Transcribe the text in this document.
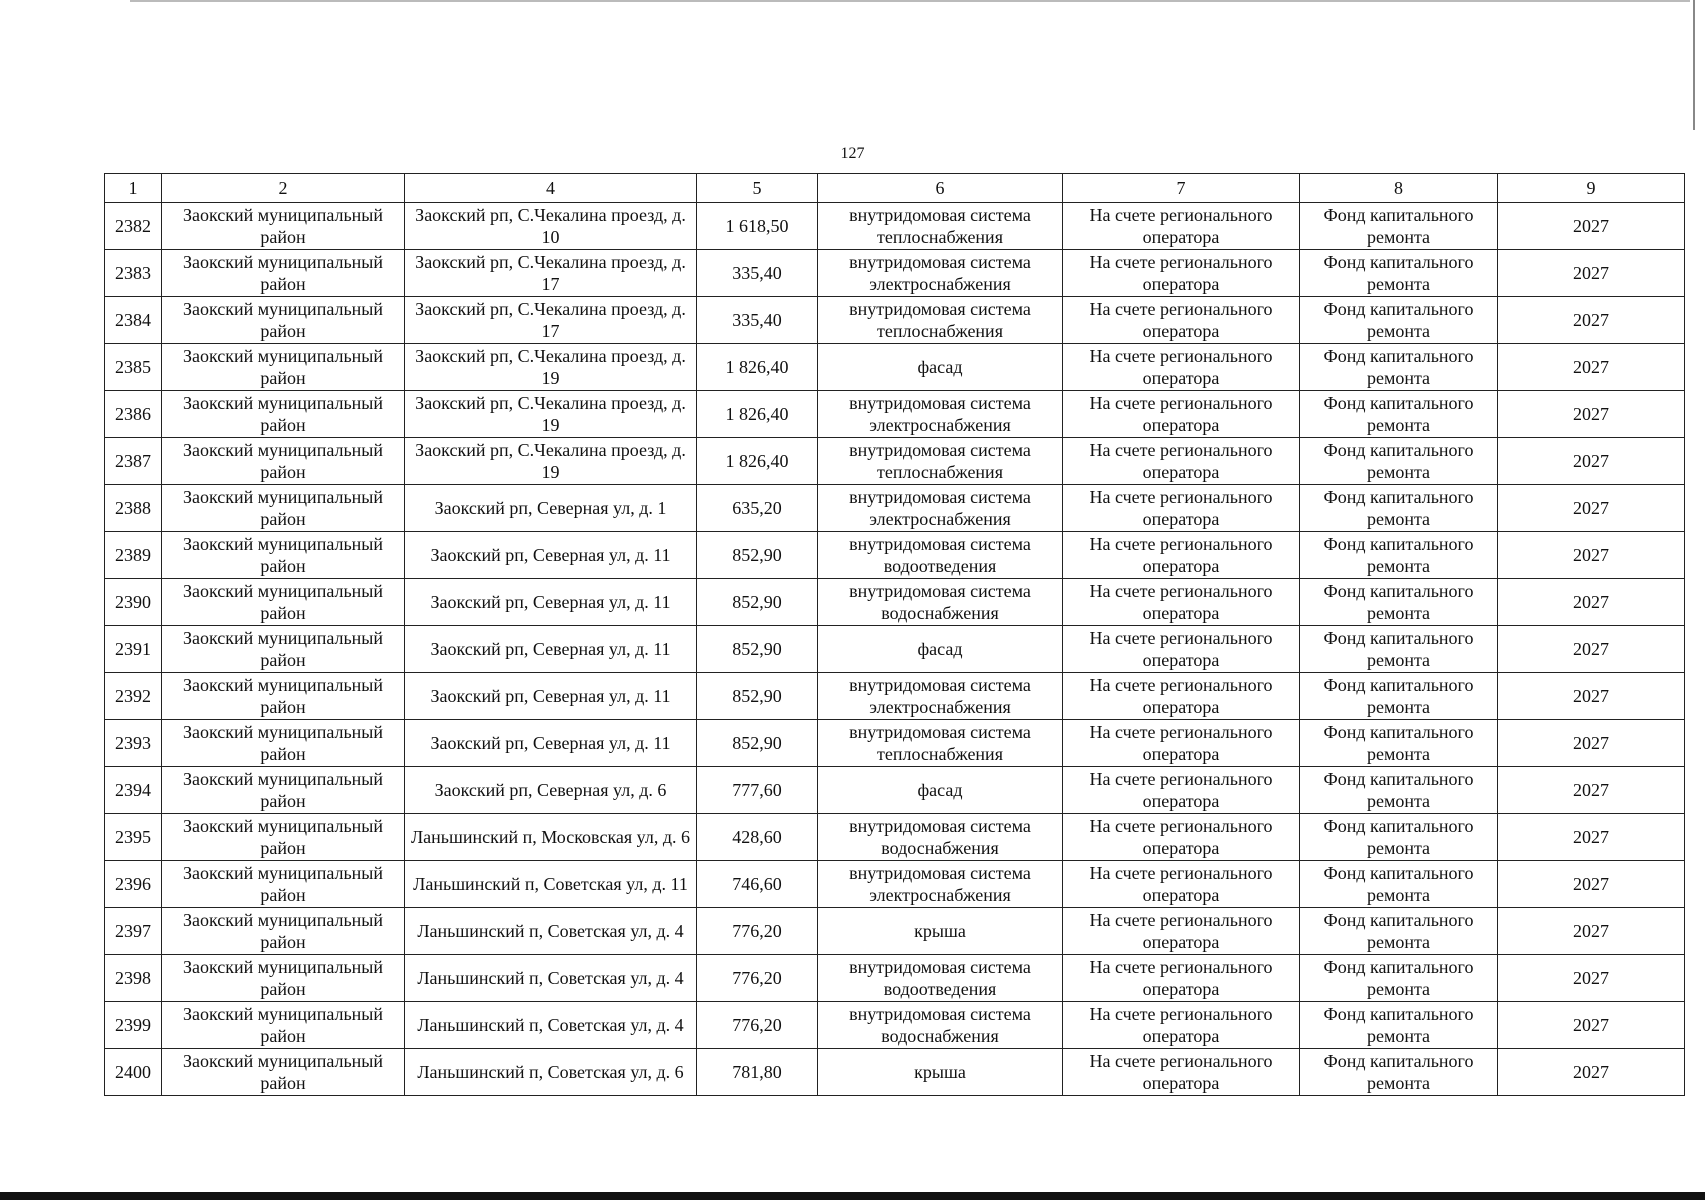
127
1	2	4	5	6	7	8	9
2382	Заокский муниципальный район	Заокский рп, С.Чекалина проезд, д. 10	1 618,50	внутридомовая система теплоснабжения	На счете регионального оператора	Фонд капитального ремонта	2027
2383	Заокский муниципальный район	Заокский рп, С.Чекалина проезд, д. 17	335,40	внутридомовая система электроснабжения	На счете регионального оператора	Фонд капитального ремонта	2027
2384	Заокский муниципальный район	Заокский рп, С.Чекалина проезд, д. 17	335,40	внутридомовая система теплоснабжения	На счете регионального оператора	Фонд капитального ремонта	2027
2385	Заокский муниципальный район	Заокский рп, С.Чекалина проезд, д. 19	1 826,40	фасад	На счете регионального оператора	Фонд капитального ремонта	2027
2386	Заокский муниципальный район	Заокский рп, С.Чекалина проезд, д. 19	1 826,40	внутридомовая система электроснабжения	На счете регионального оператора	Фонд капитального ремонта	2027
2387	Заокский муниципальный район	Заокский рп, С.Чекалина проезд, д. 19	1 826,40	внутридомовая система теплоснабжения	На счете регионального оператора	Фонд капитального ремонта	2027
2388	Заокский муниципальный район	Заокский рп, Северная ул, д. 1	635,20	внутридомовая система электроснабжения	На счете регионального оператора	Фонд капитального ремонта	2027
2389	Заокский муниципальный район	Заокский рп, Северная ул, д. 11	852,90	внутридомовая система водоотведения	На счете регионального оператора	Фонд капитального ремонта	2027
2390	Заокский муниципальный район	Заокский рп, Северная ул, д. 11	852,90	внутридомовая система водоснабжения	На счете регионального оператора	Фонд капитального ремонта	2027
2391	Заокский муниципальный район	Заокский рп, Северная ул, д. 11	852,90	фасад	На счете регионального оператора	Фонд капитального ремонта	2027
2392	Заокский муниципальный район	Заокский рп, Северная ул, д. 11	852,90	внутридомовая система электроснабжения	На счете регионального оператора	Фонд капитального ремонта	2027
2393	Заокский муниципальный район	Заокский рп, Северная ул, д. 11	852,90	внутридомовая система теплоснабжения	На счете регионального оператора	Фонд капитального ремонта	2027
2394	Заокский муниципальный район	Заокский рп, Северная ул, д. 6	777,60	фасад	На счете регионального оператора	Фонд капитального ремонта	2027
2395	Заокский муниципальный район	Ланьшинский п, Московская ул, д. 6	428,60	внутридомовая система водоснабжения	На счете регионального оператора	Фонд капитального ремонта	2027
2396	Заокский муниципальный район	Ланьшинский п, Советская ул, д. 11	746,60	внутридомовая система электроснабжения	На счете регионального оператора	Фонд капитального ремонта	2027
2397	Заокский муниципальный район	Ланьшинский п, Советская ул, д. 4	776,20	крыша	На счете регионального оператора	Фонд капитального ремонта	2027
2398	Заокский муниципальный район	Ланьшинский п, Советская ул, д. 4	776,20	внутридомовая система водоотведения	На счете регионального оператора	Фонд капитального ремонта	2027
2399	Заокский муниципальный район	Ланьшинский п, Советская ул, д. 4	776,20	внутридомовая система водоснабжения	На счете регионального оператора	Фонд капитального ремонта	2027
2400	Заокский муниципальный район	Ланьшинский п, Советская ул, д. 6	781,80	крыша	На счете регионального оператора	Фонд капитального ремонта	2027
